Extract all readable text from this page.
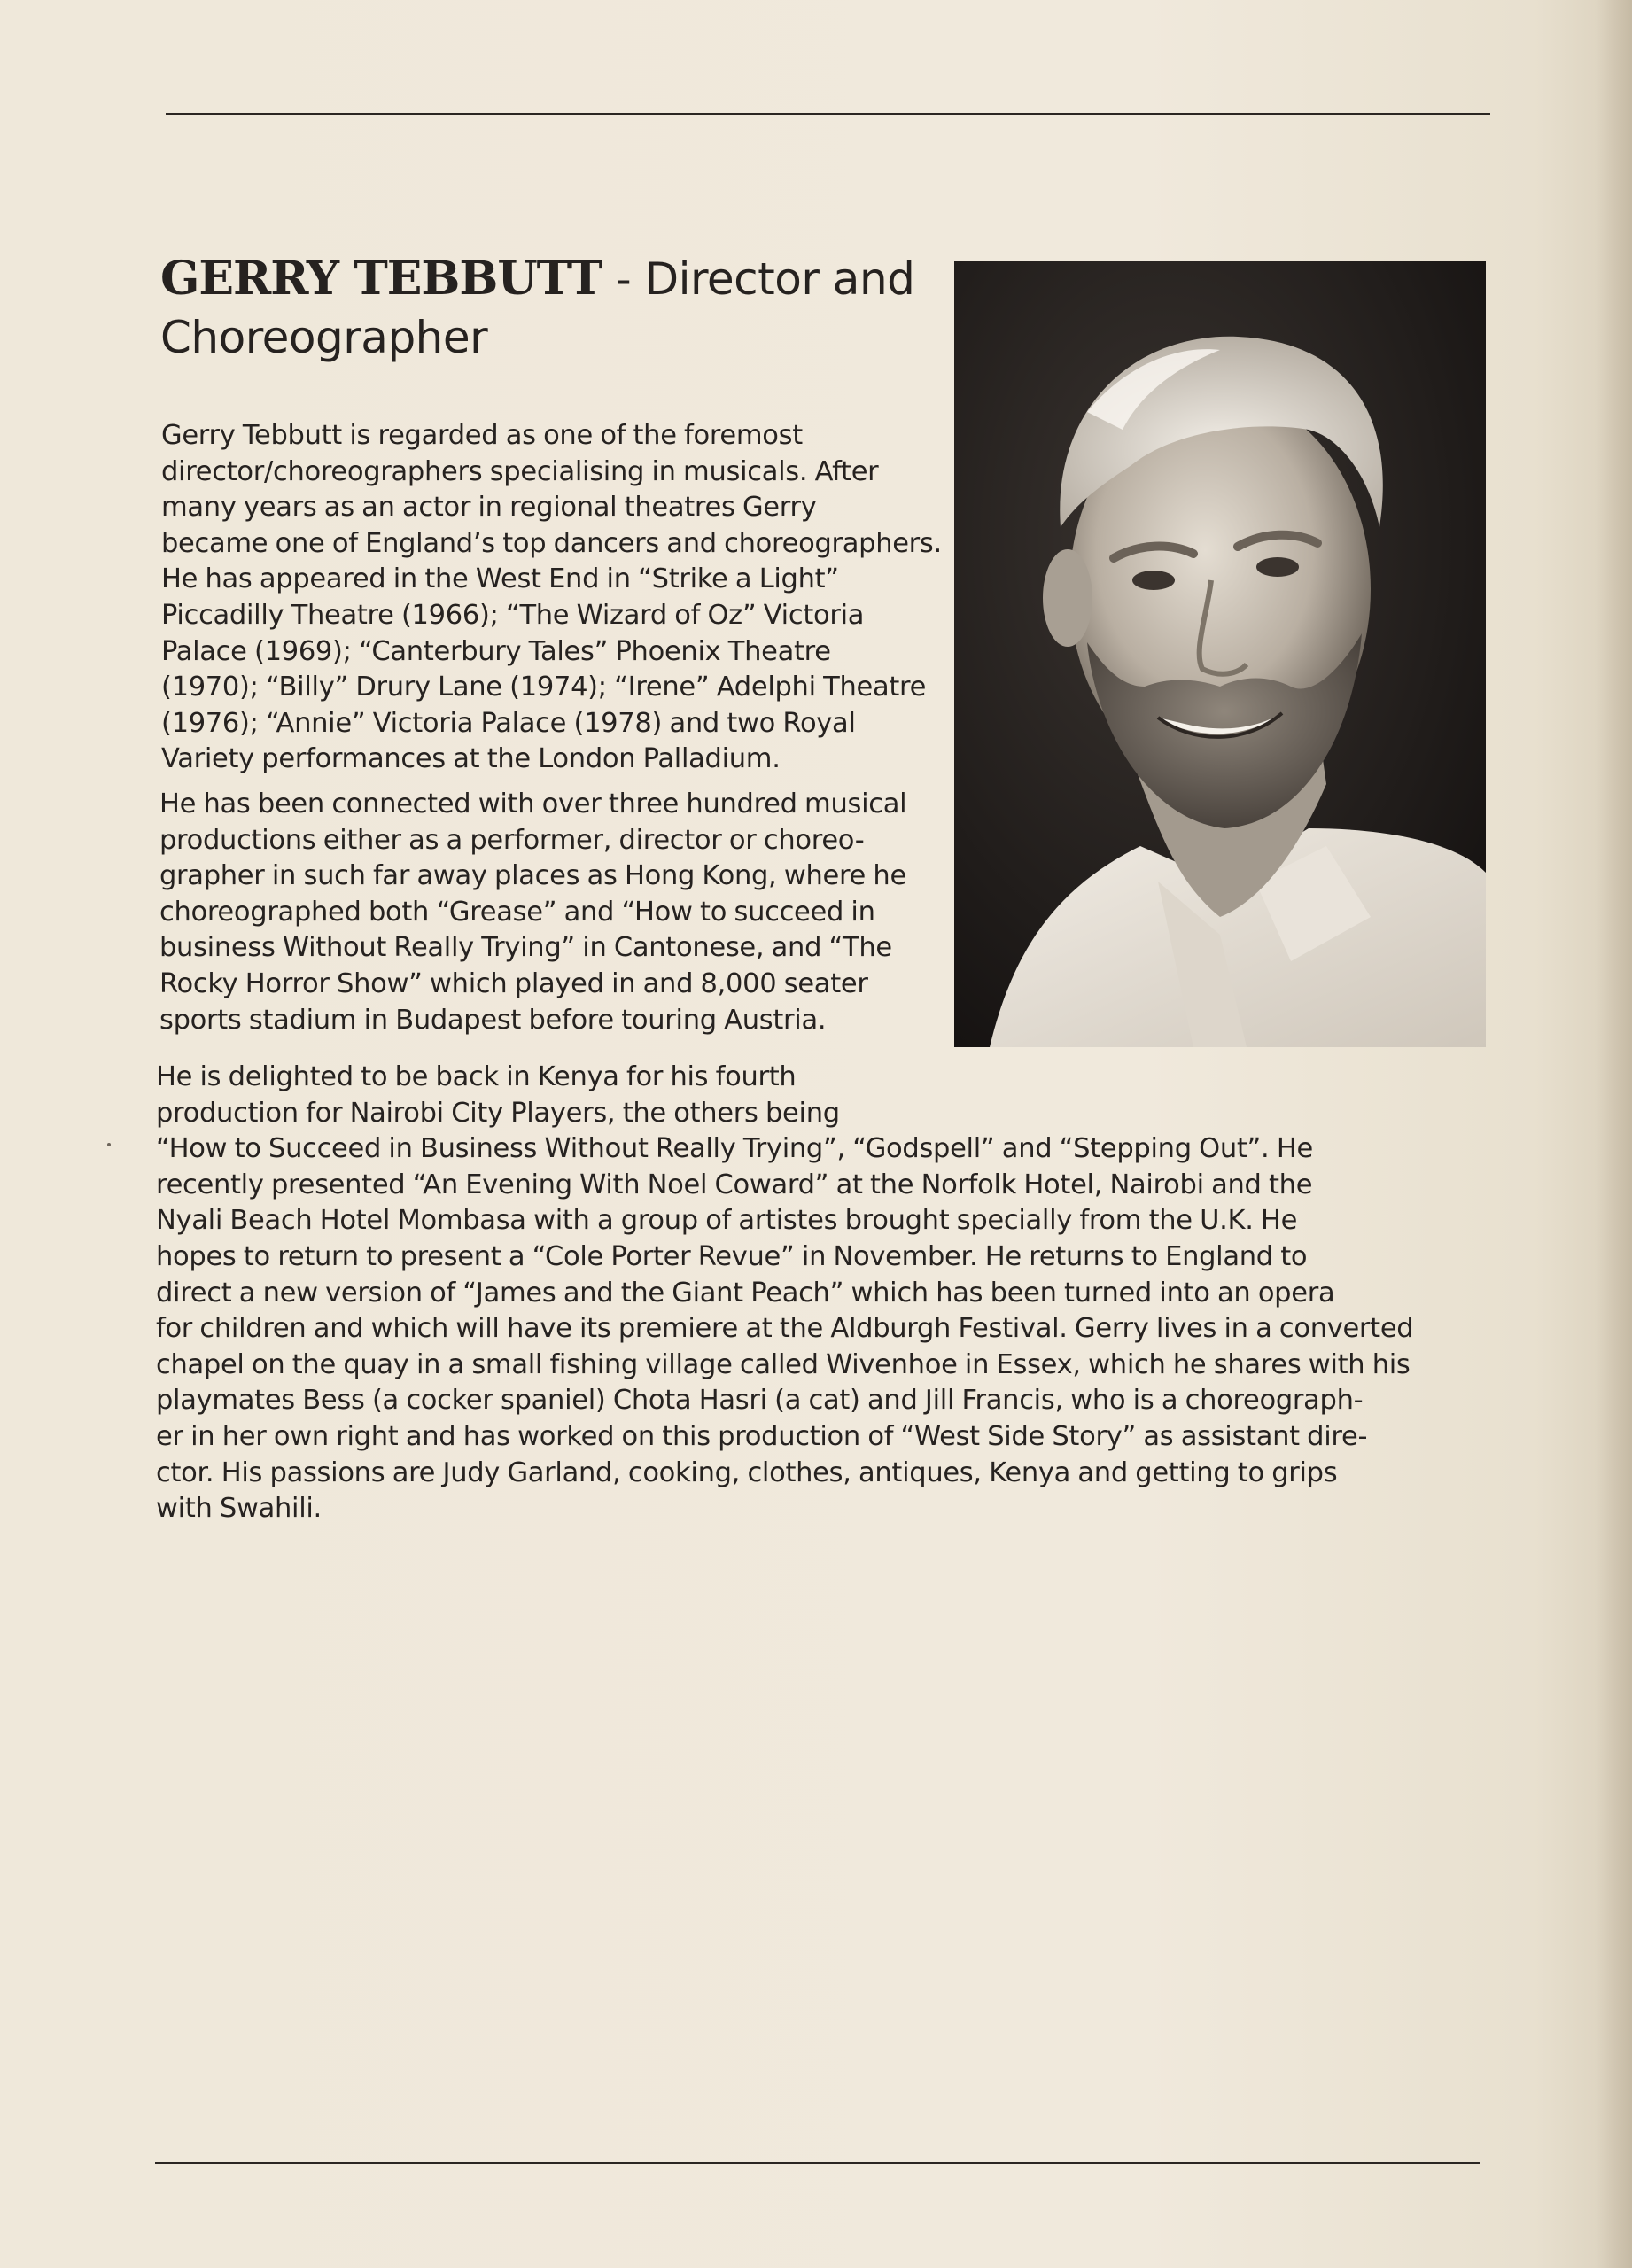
GERRY TEBBUTT - Director and
Choreographer

Gerry Tebbutt is regarded as one of the foremost
director/choreographers specialising in musicals. After
many years as an actor in regional theatres Gerry
became one of England’s top dancers and choreographers.
He has appeared in the West End in “Strike a Light”
Piccadilly Theatre (1966); “The Wizard of Oz” Victoria
Palace (1969); “Canterbury Tales” Phoenix Theatre
(1970); “Billy” Drury Lane (1974); “Irene” Adelphi Theatre
(1976); “Annie” Victoria Palace (1978) and two Royal
Variety performances at the London Palladium.

He has been connected with over three hundred musical
productions either as a performer, director or choreo-
grapher in such far away places as Hong Kong, where he
choreographed both “Grease” and “How to succeed in
business Without Really Trying” in Cantonese, and “The
Rocky Horror Show” which played in and 8,000 seater
sports stadium in Budapest before touring Austria.

He is delighted to be back in Kenya for his fourth
production for Nairobi City Players, the others being
“How to Succeed in Business Without Really Trying”, “Godspell” and “Stepping Out”. He
recently presented “An Evening With Noel Coward” at the Norfolk Hotel, Nairobi and the
Nyali Beach Hotel Mombasa with a group of artistes brought specially from the U.K. He
hopes to return to present a “Cole Porter Revue” in November. He returns to England to
direct a new version of “James and the Giant Peach” which has been turned into an opera
for children and which will have its premiere at the Aldburgh Festival. Gerry lives in a converted
chapel on the quay in a small fishing village called Wivenhoe in Essex, which he shares with his
playmates Bess (a cocker spaniel) Chota Hasri (a cat) and Jill Francis, who is a choreograph-
er in her own right and has worked on this production of “West Side Story” as assistant dire-
ctor. His passions are Judy Garland, cooking, clothes, antiques, Kenya and getting to grips
with Swahili.
